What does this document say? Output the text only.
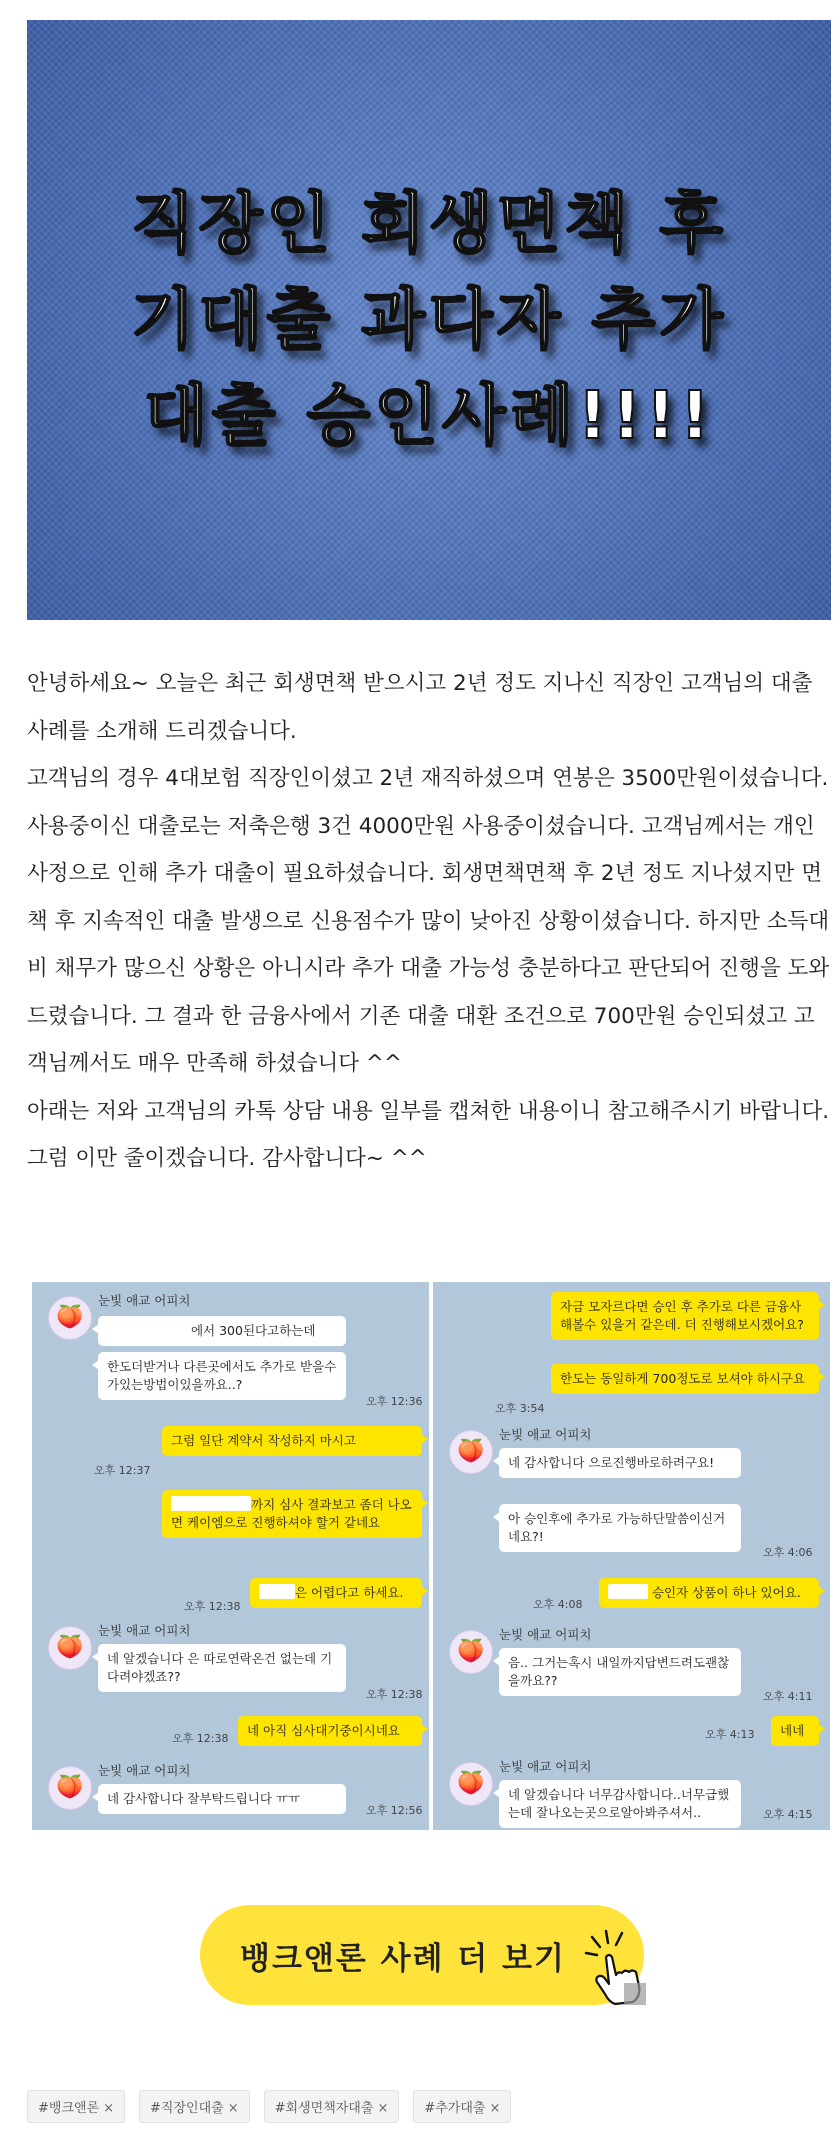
직장인 회생면책 후
기대출 과다자 추가
대출 승인사례!!!!

안녕하세요~ 오늘은 최근 회생면책 받으시고 2년 정도 지나신 직장인 고객님의 대출 사례를 소개해 드리겠습니다.

고객님의 경우 4대보험 직장인이셨고 2년 재직하셨으며 연봉은 3500만원이셨습니다. 사용중이신 대출로는 저축은행 3건 4000만원 사용중이셨습니다. 고객님께서는 개인 사정으로 인해 추가 대출이 필요하셨습니다. 회생면책면책 후 2년 정도 지나셨지만 면책 후 지속적인 대출 발생으로 신용점수가 많이 낮아진 상황이셨습니다. 하지만 소득대비 채무가 많으신 상황은 아니시라 추가 대출 가능성 충분하다고 판단되어 진행을 도와드렸습니다. 그 결과 한 금융사에서 기존 대출 대환 조건으로 700만원 승인되셨고 고객님께서도 매우 만족해 하셨습니다 ^^

아래는 저와 고객님의 카톡 상담 내용 일부를 캡쳐한 내용이니 참고해주시기 바랍니다. 그럼 이만 줄이겠습니다. 감사합니다~ ^^

🍑
눈빛 애교 어피치
에서 300된다고하는데
한도더받거나 다른곳에서도 추가로 받을수가있는방법이있을까요..?
오후 12:36
그럼 일단 계약서 작성하지 마시고
오후 12:37
까지 심사 결과보고 좀더 나오면 케이엠으로 진행하셔야 할거 같네요
은 어렵다고 하세요.
오후 12:38
🍑
눈빛 애교 어피치
네 알겠습니다 은 따로연락온건 없는데 기다려야겠죠??
오후 12:38
네 아직 심사대기중이시네요
오후 12:38
🍑
눈빛 애교 어피치
네 감사합니다 잘부탁드립니다 ㅠㅠ
오후 12:56
자금 모자르다면 승인 후 추가로 다른 금융사 해볼수 있을거 같은데. 더 진행해보시겠어요?
한도는 동일하게 700정도로 보셔야 하시구요
오후 3:54
🍑
눈빛 애교 어피치
네 감사합니다 으로진행바로하려구요!
아 승인후에 추가로 가능하단말씀이신거네요?!
오후 4:06
승인자 상품이 하나 있어요.
오후 4:08
🍑
눈빛 애교 어피치
음.. 그거는혹시 내일까지답변드려도괜찮을까요??
오후 4:11
네네
오후 4:13
🍑
눈빛 애교 어피치
네 알겠습니다 너무감사합니다..너무급했는데 잘나오는곳으로알아봐주셔서..	오후 4:15
뱅크앤론 사례 더 보기
#뱅크앤론 ×	#직장인대출 ×	#회생면책자대출 ×	#추가대출 ×
